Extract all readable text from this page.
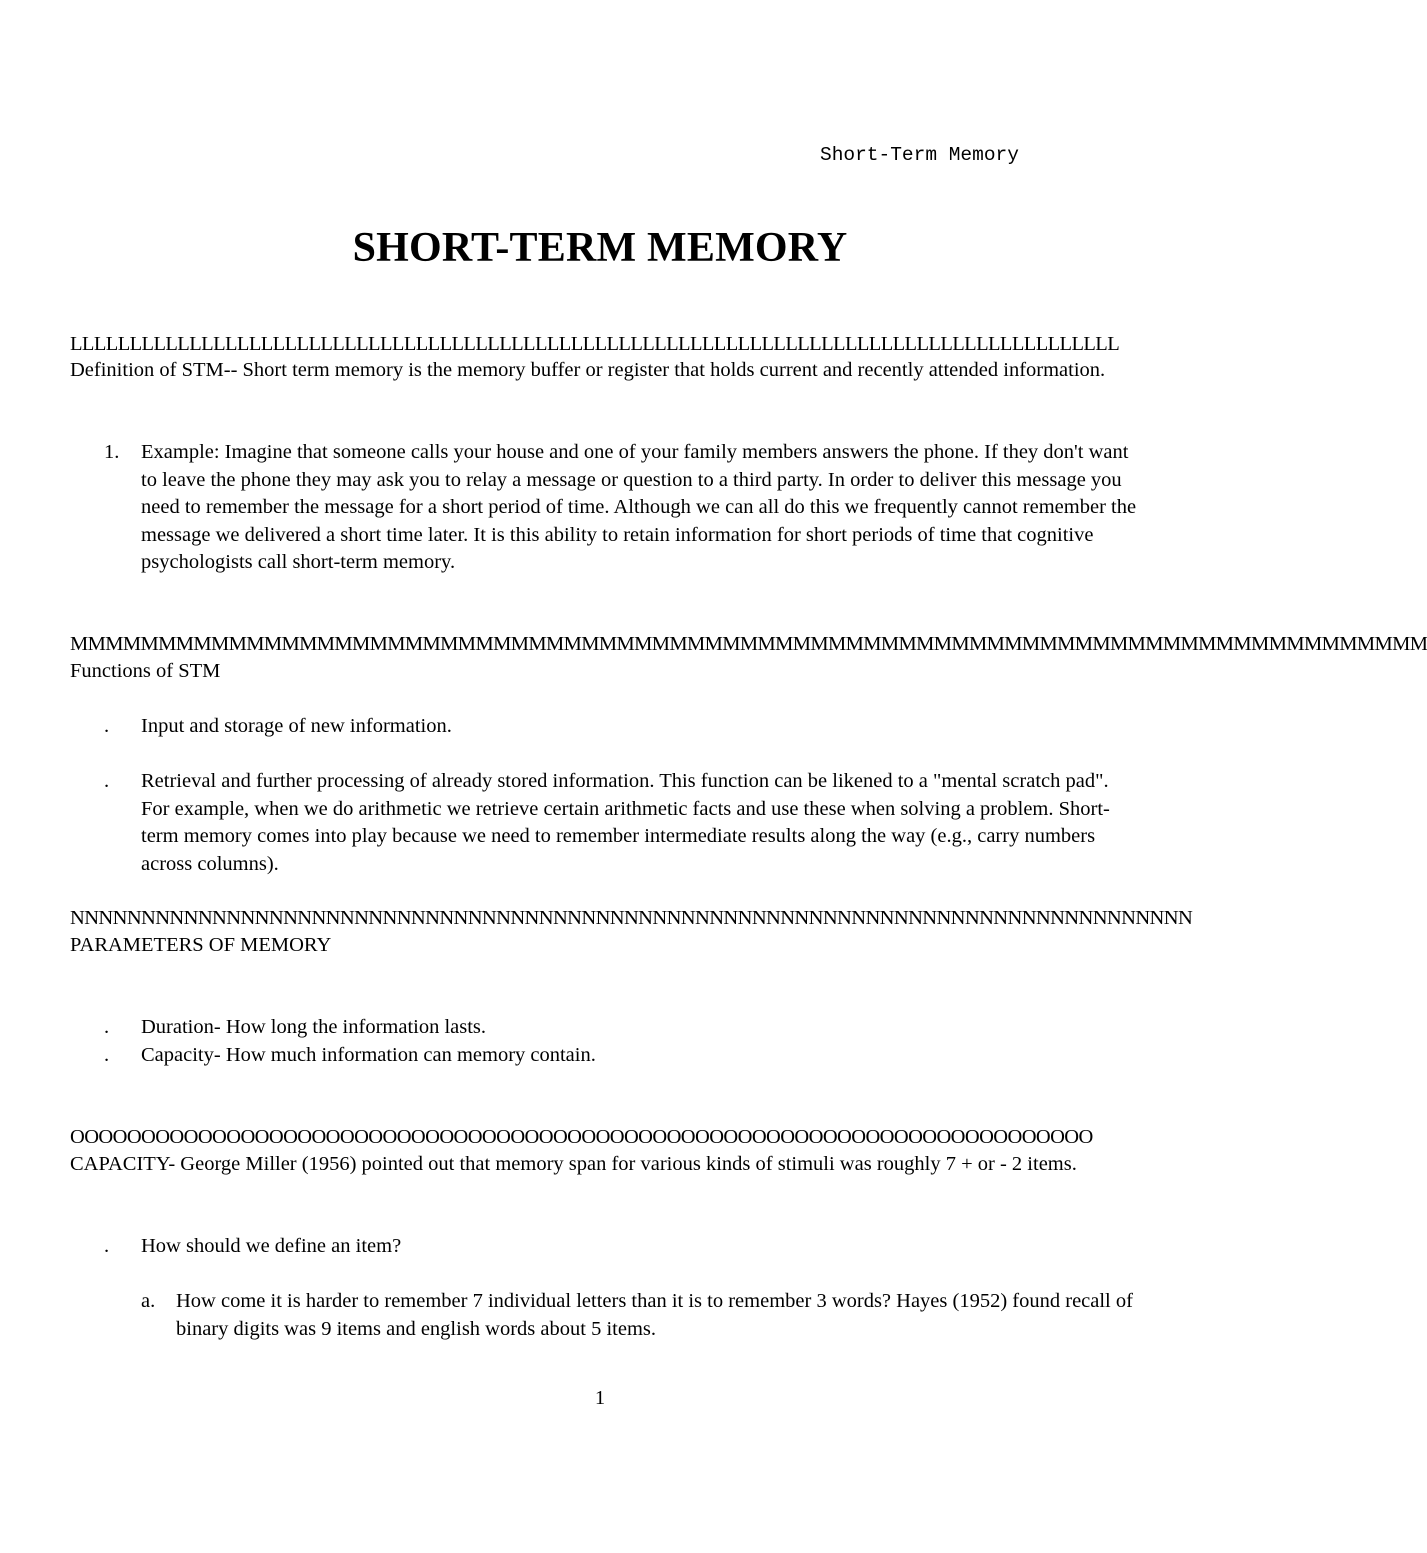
Short-Term Memory
SHORT-TERM MEMORY
LLLLLLLLLLLLLLLLLLLLLLLLLLLLLLLLLLLLLLLLLLLLLLLLLLLLLLLLLLLLLLLLLLLLLLLLLLLLLLLLLLLLLLLL
Definition of STM-- Short term memory is the memory buffer or register that holds current and recently attended information.
1. Example: Imagine that someone calls your house and one of your family members answers the phone. If they don't want to leave the phone they may ask you to relay a message or question to a third party. In order to deliver this message you need to remember the message for a short period of time. Although we can all do this we frequently cannot remember the message we delivered a short time later. It is this ability to retain information for short periods of time that cognitive psychologists call short-term memory.
MMMMMMMMMMMMMMMMMMMMMMMMMMMMMMMMMMMMMMMMMMMMMMMMMMMMMMMMMMMMMMMMMMMMMMMMMMMMM
Functions of STM
. Input and storage of new information.
. Retrieval and further processing of already stored information. This function can be likened to a "mental scratch pad". For example, when we do arithmetic we retrieve certain arithmetic facts and use these when solving a problem. Short-term memory comes into play because we need to remember intermediate results along the way (e.g., carry numbers across columns).
NNNNNNNNNNNNNNNNNNNNNNNNNNNNNNNNNNNNNNNNNNNNNNNNNNNNNNNNNNNNNNNNNNNNNNNNNNNNNNN
PARAMETERS OF MEMORY
. Duration- How long the information lasts.
. Capacity- How much information can memory contain.
OOOOOOOOOOOOOOOOOOOOOOOOOOOOOOOOOOOOOOOOOOOOOOOOOOOOOOOOOOOOOOOOOOOOOOOO
CAPACITY- George Miller (1956) pointed out that memory span for various kinds of stimuli was roughly 7 + or - 2 items.
. How should we define an item?
a. How come it is harder to remember 7 individual letters than it is to remember 3 words? Hayes (1952) found recall of binary digits was 9 items and english words about 5 items.
1
